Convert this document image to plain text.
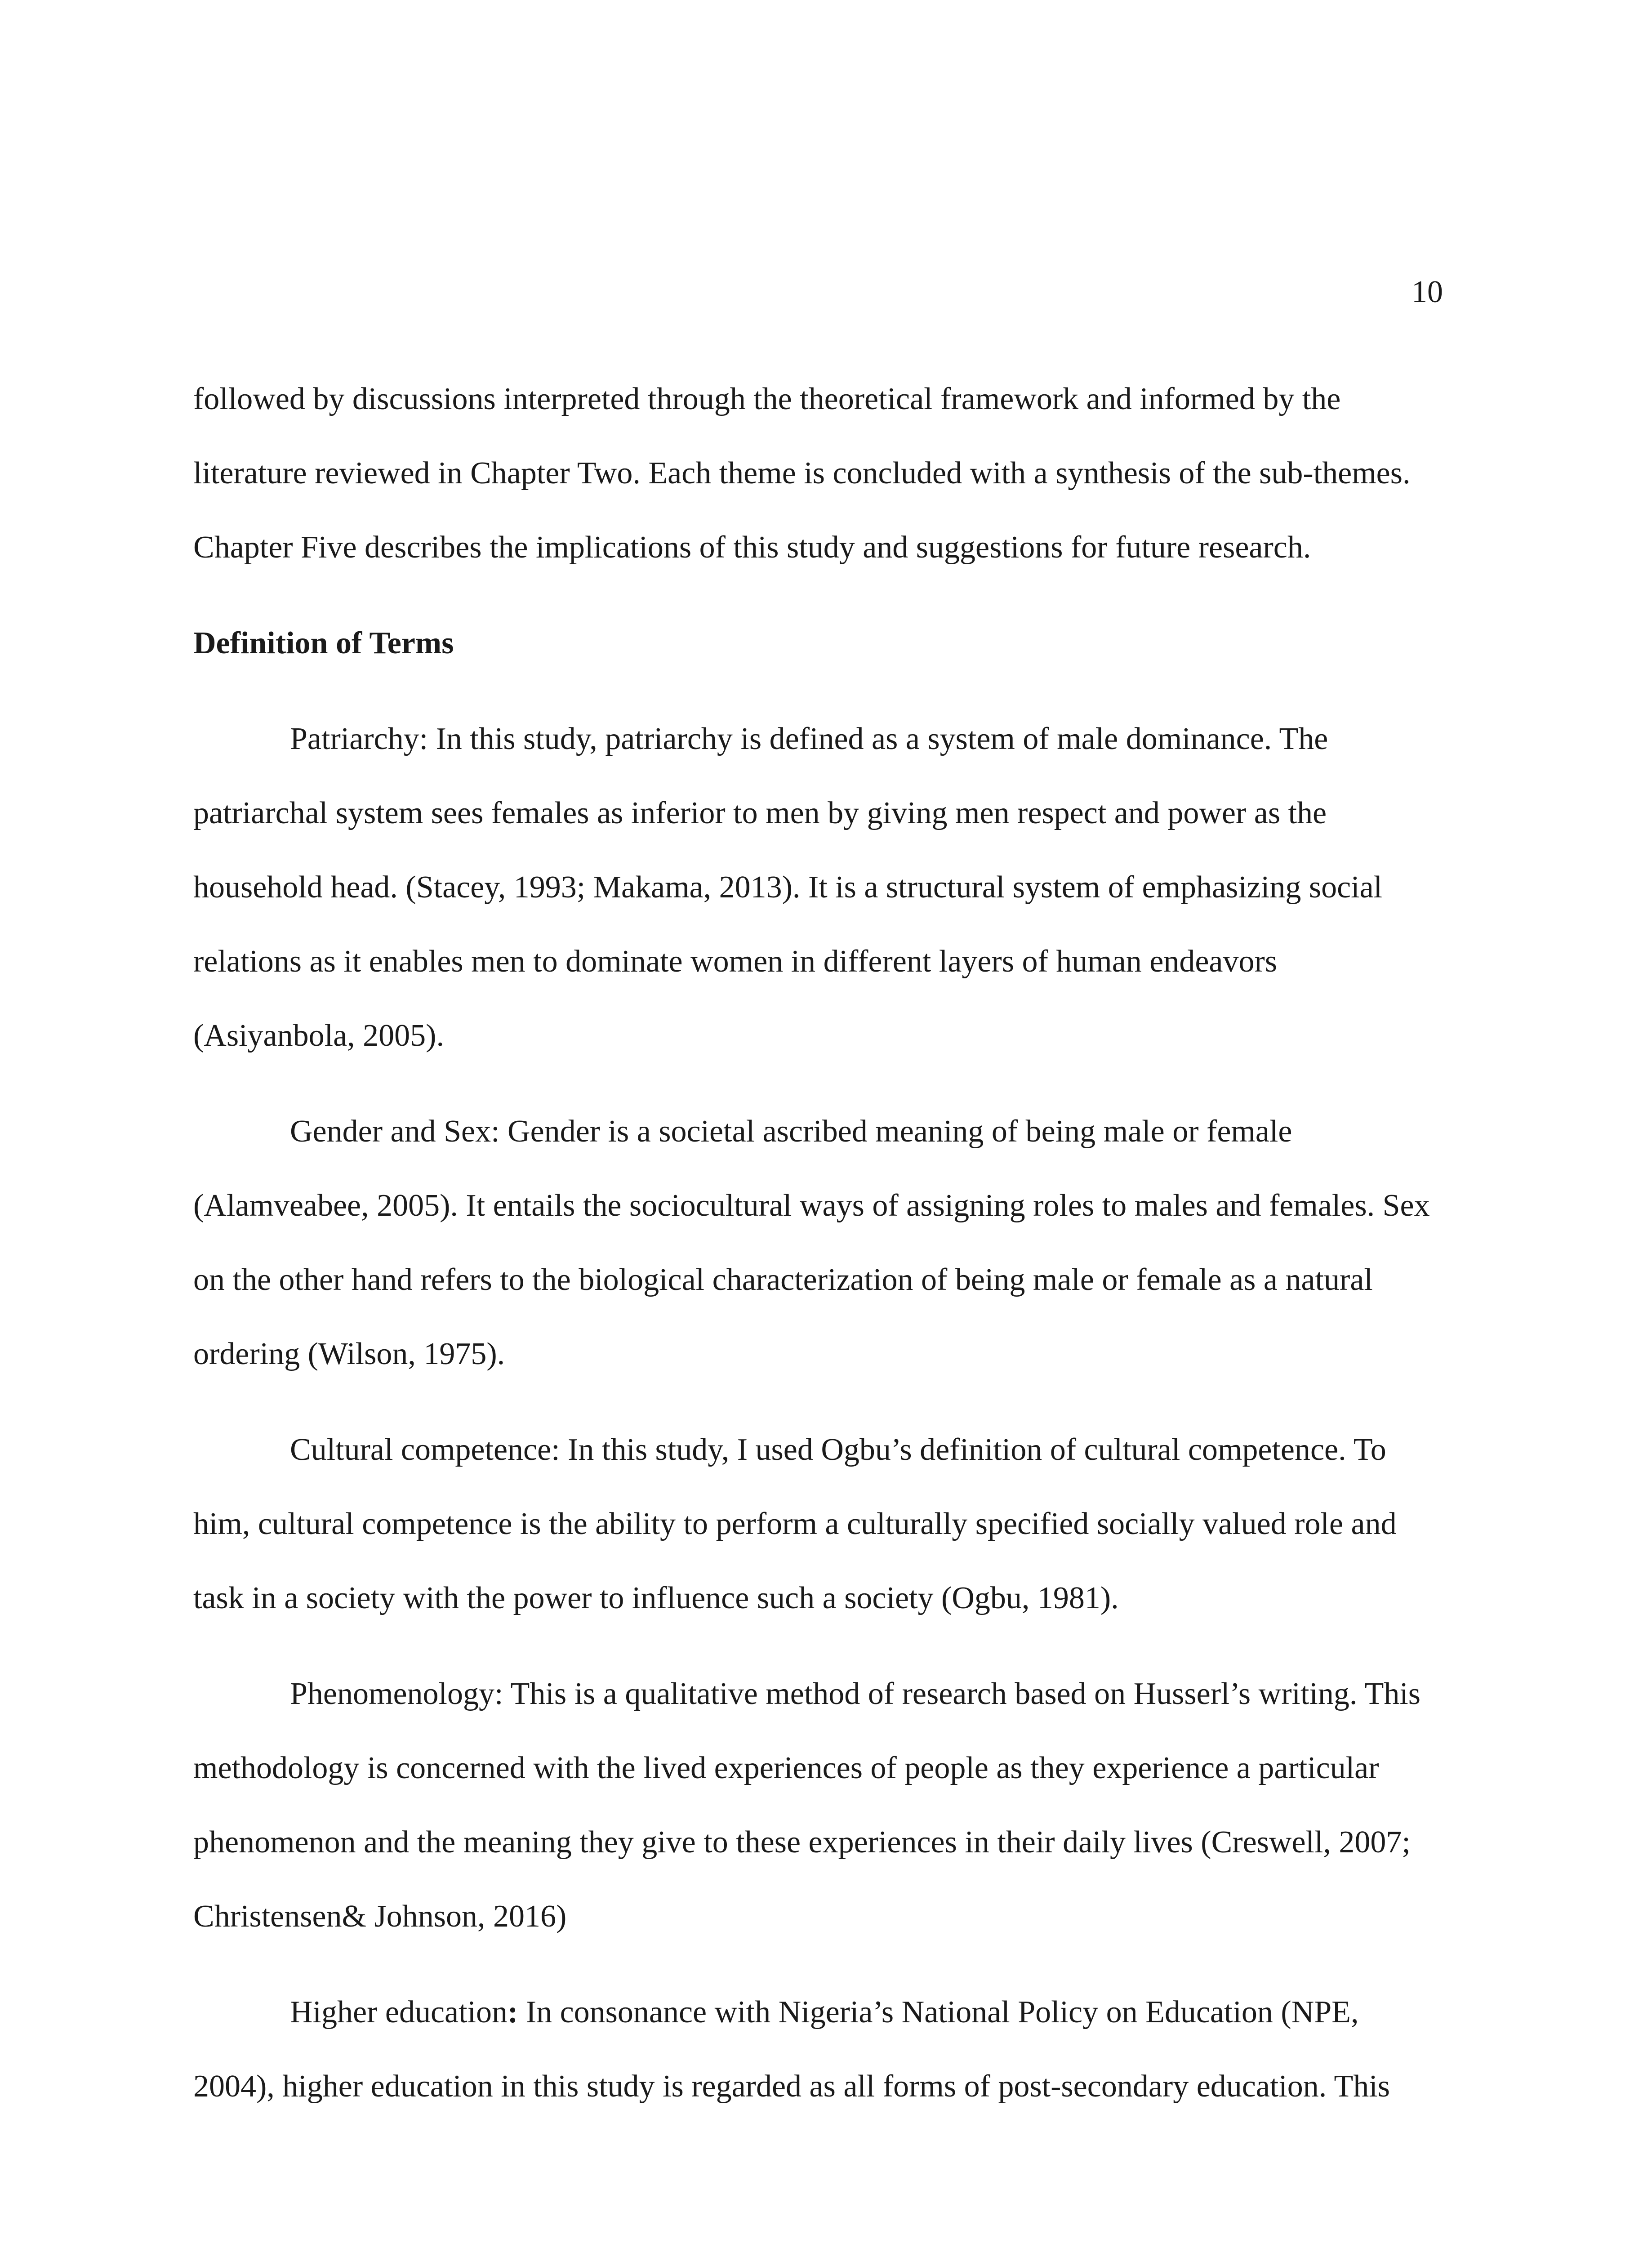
10

followed by discussions interpreted through the theoretical framework and informed by the literature reviewed in Chapter Two. Each theme is concluded with a synthesis of the sub-themes. Chapter Five describes the implications of this study and suggestions for future research.

Definition of Terms

Patriarchy: In this study, patriarchy is defined as a system of male dominance. The patriarchal system sees females as inferior to men by giving men respect and power as the household head. (Stacey, 1993; Makama, 2013). It is a structural system of emphasizing social relations as it enables men to dominate women in different layers of human endeavors (Asiyanbola, 2005).

Gender and Sex: Gender is a societal ascribed meaning of being male or female (Alamveabee, 2005). It entails the sociocultural ways of assigning roles to males and females. Sex on the other hand refers to the biological characterization of being male or female as a natural ordering (Wilson, 1975).

Cultural competence: In this study, I used Ogbu’s definition of cultural competence. To him, cultural competence is the ability to perform a culturally specified socially valued role and task in a society with the power to influence such a society (Ogbu, 1981).

Phenomenology: This is a qualitative method of research based on Husserl’s writing. This methodology is concerned with the lived experiences of people as they experience a particular phenomenon and the meaning they give to these experiences in their daily lives (Creswell, 2007; Christensen& Johnson, 2016)

Higher education: In consonance with Nigeria’s National Policy on Education (NPE, 2004), higher education in this study is regarded as all forms of post-secondary education. This
